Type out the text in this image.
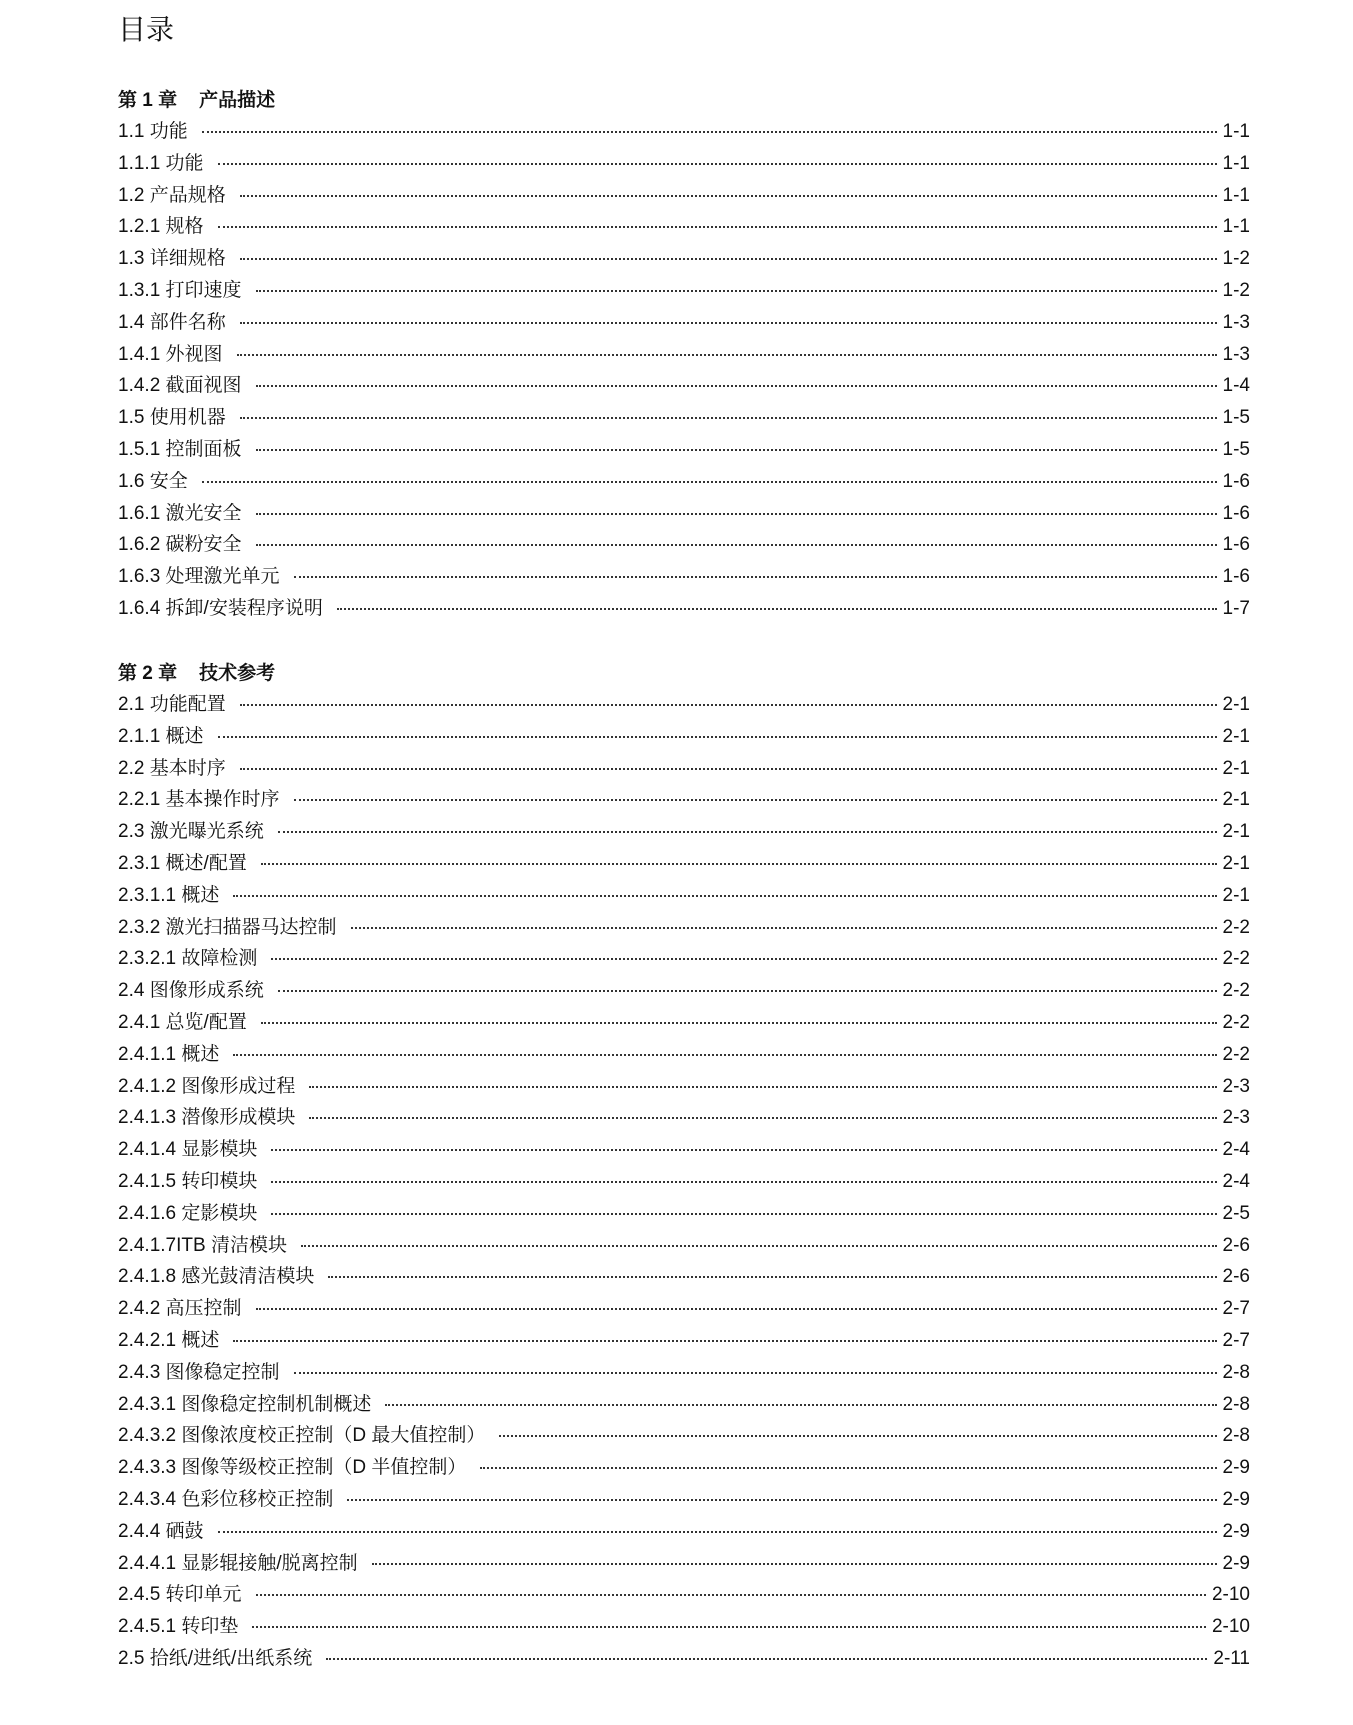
目录
第 1 章 产品描述
1.1 功能	1-1
1.1.1 功能	1-1
1.2 产品规格	1-1
1.2.1 规格	1-1
1.3 详细规格	1-2
1.3.1 打印速度	1-2
1.4 部件名称	1-3
1.4.1 外视图	1-3
1.4.2 截面视图	1-4
1.5 使用机器	1-5
1.5.1 控制面板	1-5
1.6 安全	1-6
1.6.1 激光安全	1-6
1.6.2 碳粉安全	1-6
1.6.3 处理激光单元	1-6
1.6.4 拆卸/安装程序说明	1-7
第 2 章 技术参考
2.1 功能配置	2-1
2.1.1 概述	2-1
2.2 基本时序	2-1
2.2.1 基本操作时序	2-1
2.3 激光曝光系统	2-1
2.3.1 概述/配置	2-1
2.3.1.1 概述	2-1
2.3.2 激光扫描器马达控制	2-2
2.3.2.1 故障检测	2-2
2.4 图像形成系统	2-2
2.4.1 总览/配置	2-2
2.4.1.1 概述	2-2
2.4.1.2 图像形成过程	2-3
2.4.1.3 潜像形成模块	2-3
2.4.1.4 显影模块	2-4
2.4.1.5 转印模块	2-4
2.4.1.6 定影模块	2-5
2.4.1.7ITB 清洁模块	2-6
2.4.1.8 感光鼓清洁模块	2-6
2.4.2 高压控制	2-7
2.4.2.1 概述	2-7
2.4.3 图像稳定控制	2-8
2.4.3.1 图像稳定控制机制概述	2-8
2.4.3.2 图像浓度校正控制（D 最大值控制）	2-8
2.4.3.3 图像等级校正控制（D 半值控制）	2-9
2.4.3.4 色彩位移校正控制	2-9
2.4.4 硒鼓	2-9
2.4.4.1 显影辊接触/脱离控制	2-9
2.4.5 转印单元	2-10
2.4.5.1 转印垫	2-10
2.5 拾纸/进纸/出纸系统	2-11
